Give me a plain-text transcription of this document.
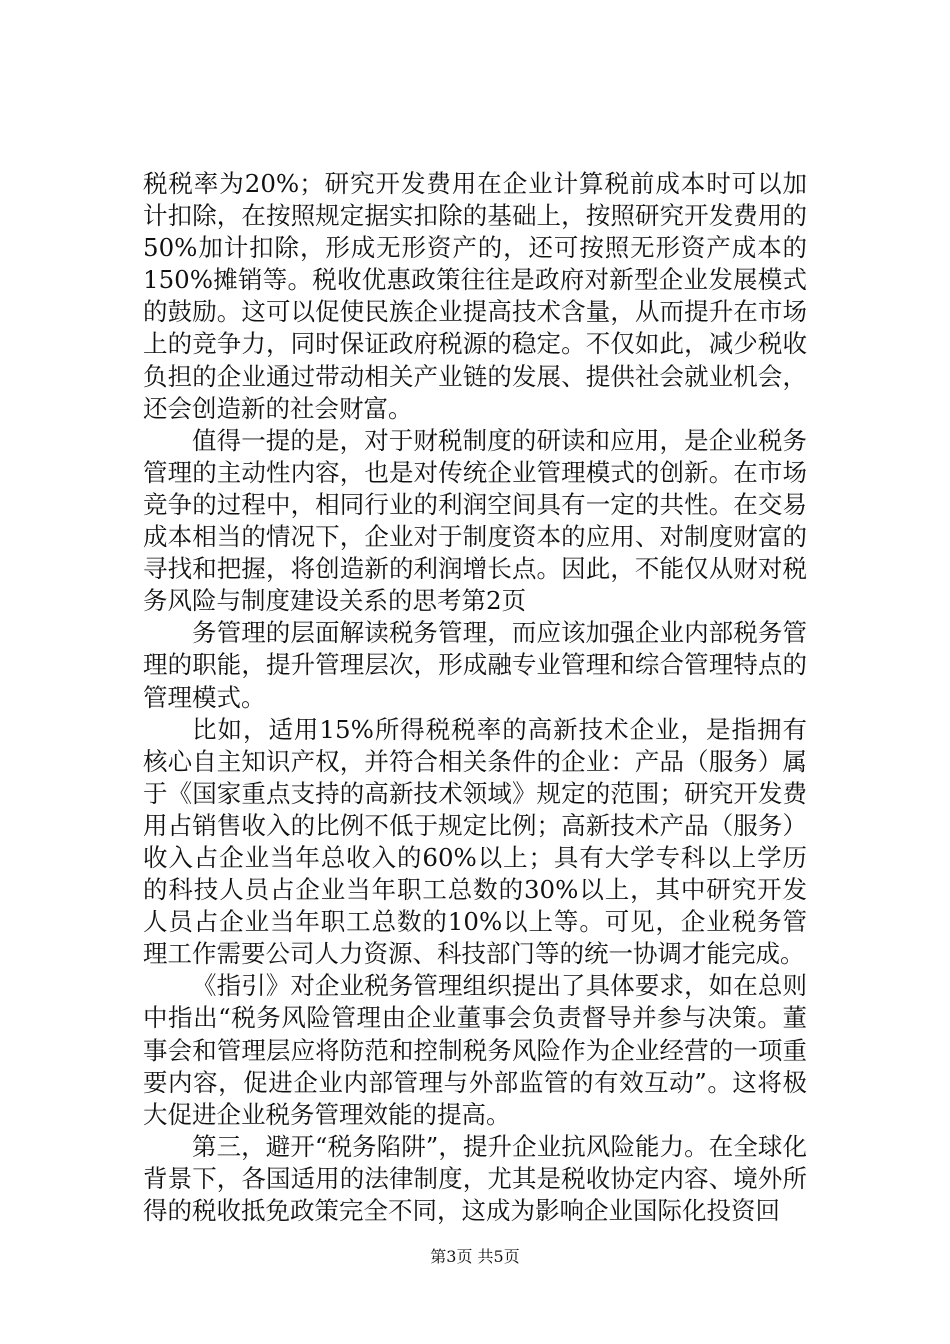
税税率为20%；研究开发费用在企业计算税前成本时可以加计扣除，在按照规定据实扣除的基础上，按照研究开发费用的50%加计扣除，形成无形资产的，还可按照无形资产成本的150%摊销等。税收优惠政策往往是政府对新型企业发展模式的鼓励。这可以促使民族企业提高技术含量，从而提升在市场上的竞争力，同时保证政府税源的稳定。不仅如此，减少税收负担的企业通过带动相关产业链的发展、提供社会就业机会，还会创造新的社会财富。

值得一提的是，对于财税制度的研读和应用，是企业税务管理的主动性内容，也是对传统企业管理模式的创新。在市场竞争的过程中，相同行业的利润空间具有一定的共性。在交易成本相当的情况下，企业对于制度资本的应用、对制度财富的寻找和把握，将创造新的利润增长点。因此，不能仅从财对税务风险与制度建设关系的思考第2页

务管理的层面解读税务管理，而应该加强企业内部税务管理的职能，提升管理层次，形成融专业管理和综合管理特点的管理模式。

比如，适用15%所得税税率的高新技术企业，是指拥有核心自主知识产权，并符合相关条件的企业：产品（服务）属于《国家重点支持的高新技术领域》规定的范围；研究开发费用占销售收入的比例不低于规定比例；高新技术产品（服务）收入占企业当年总收入的60%以上；具有大学专科以上学历的科技人员占企业当年职工总数的30%以上，其中研究开发人员占企业当年职工总数的10%以上等。可见，企业税务管理工作需要公司人力资源、科技部门等的统一协调才能完成。

《指引》对企业税务管理组织提出了具体要求，如在总则中指出“税务风险管理由企业董事会负责督导并参与决策。董事会和管理层应将防范和控制税务风险作为企业经营的一项重要内容，促进企业内部管理与外部监管的有效互动”。这将极大促进企业税务管理效能的提高。

第三，避开“税务陷阱”，提升企业抗风险能力。在全球化背景下，各国适用的法律制度，尤其是税收协定内容、境外所得的税收抵免政策完全不同，这成为影响企业国际化投资回

第3页 共5页
